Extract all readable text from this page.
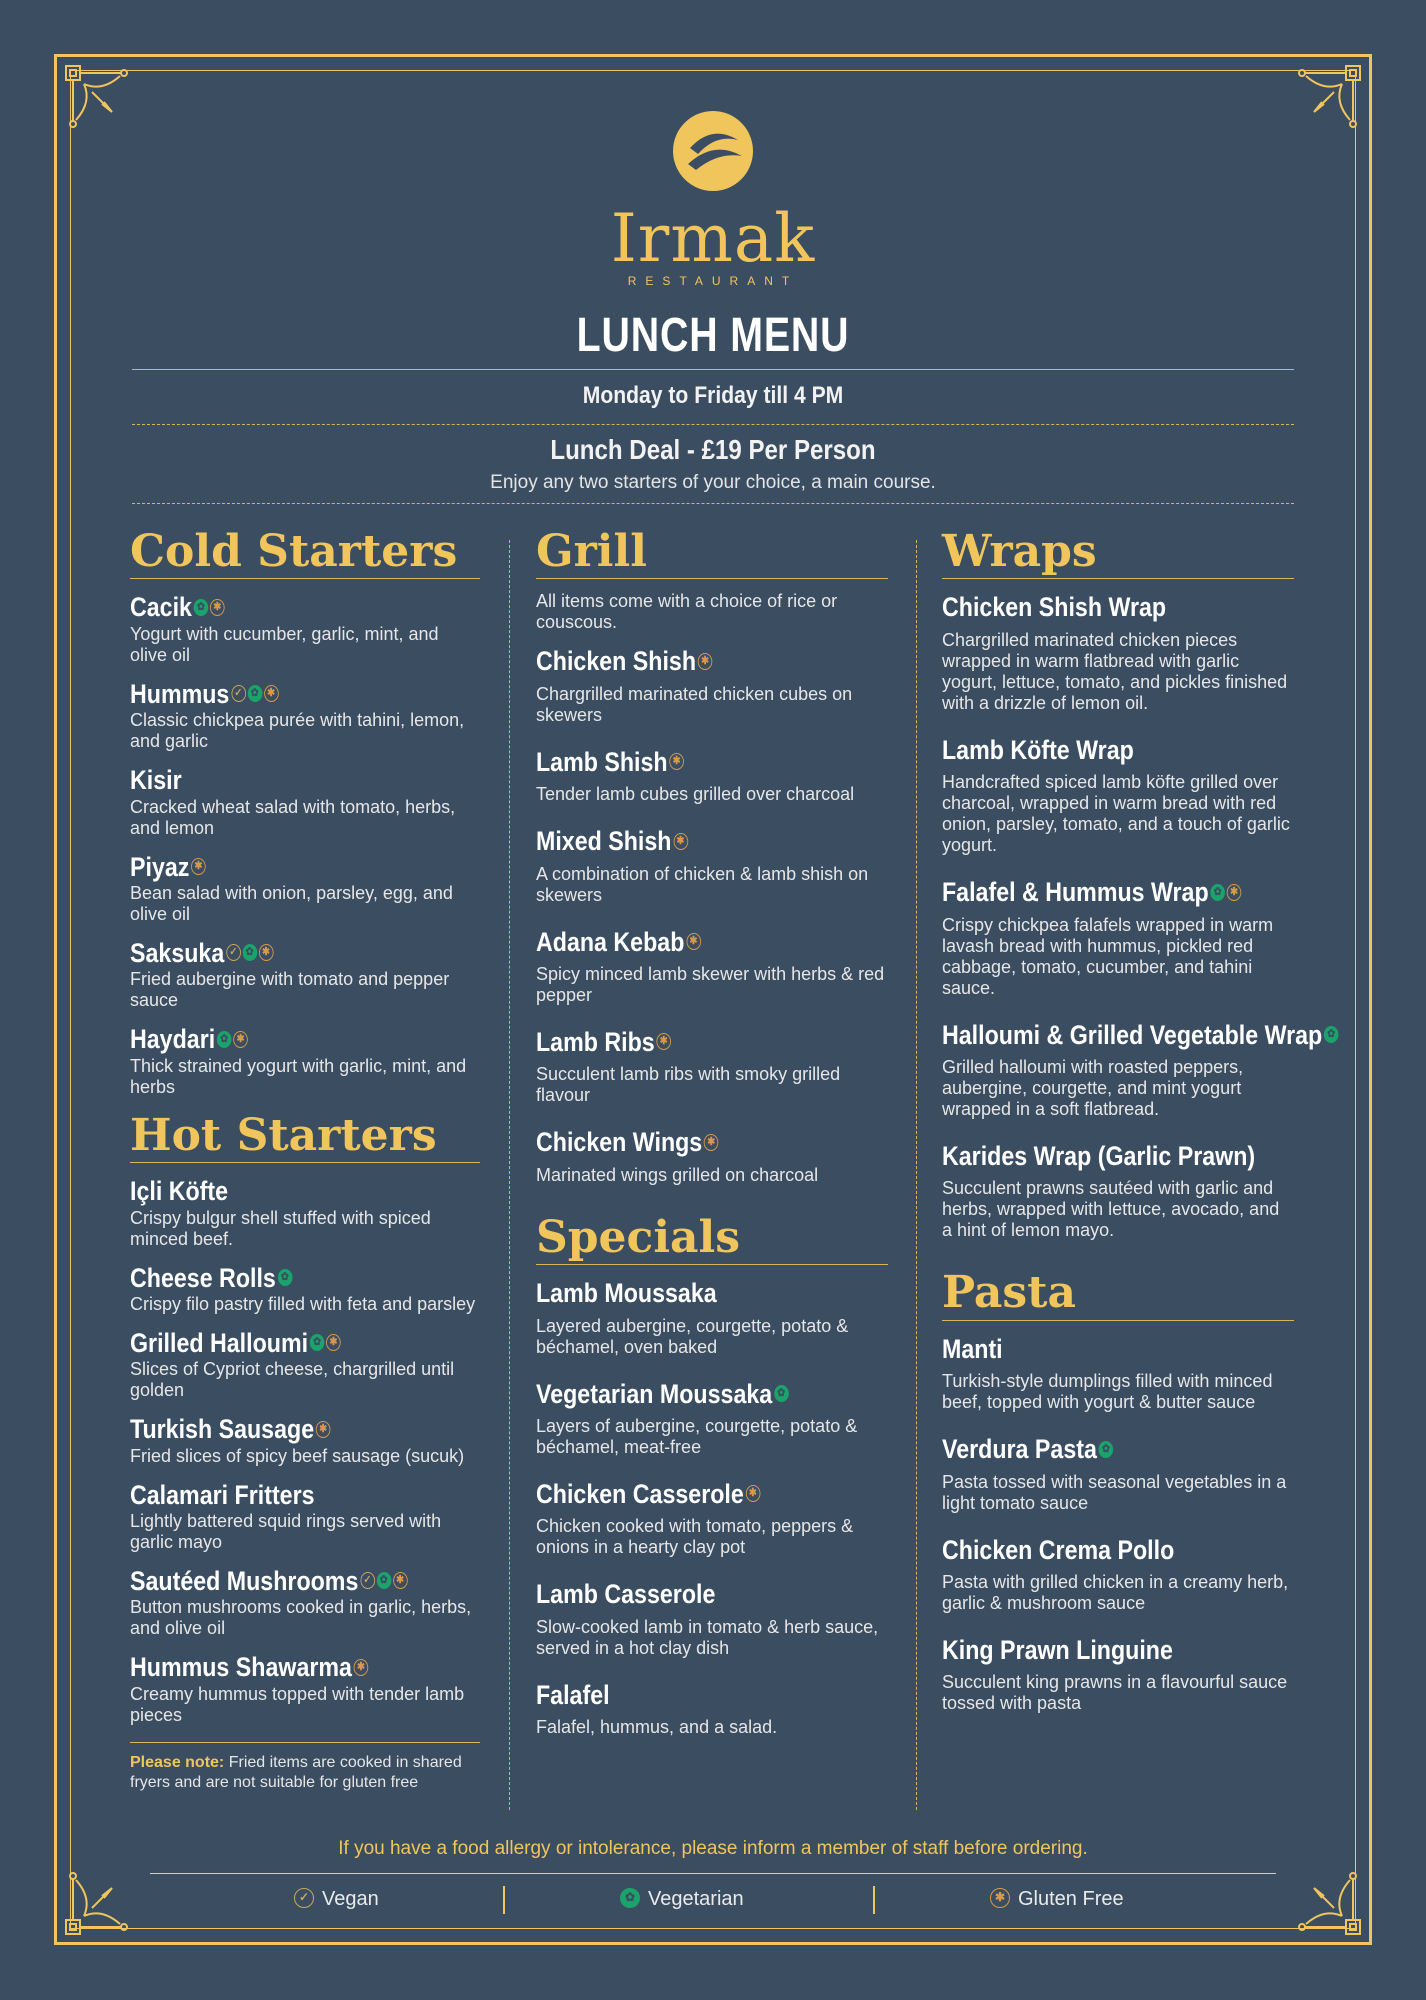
Irmak
RESTAURANT
LUNCH MENU
Monday to Friday till 4 PM
Lunch Deal - £19 Per Person
Enjoy any two starters of your choice, a main course.
Cold Starters
Cacik ✿ ✱
Yogurt with cucumber, garlic, mint, and olive oil
Hummus ✓ ✿ ✱
Classic chickpea purée with tahini, lemon, and garlic
Kisir
Cracked wheat salad with tomato, herbs, and lemon
Piyaz ✱
Bean salad with onion, parsley, egg, and olive oil
Saksuka ✓ ✿ ✱
Fried aubergine with tomato and pepper sauce
Haydari ✿ ✱
Thick strained yogurt with garlic, mint, and herbs
Hot Starters
Içli Köfte
Crispy bulgur shell stuffed with spiced minced beef.
Cheese Rolls ✿
Crispy filo pastry filled with feta and parsley
Grilled Halloumi ✿ ✱
Slices of Cypriot cheese, chargrilled until golden
Turkish Sausage ✱
Fried slices of spicy beef sausage (sucuk)
Calamari Fritters
Lightly battered squid rings served with garlic mayo
Sautéed Mushrooms ✓ ✿ ✱
Button mushrooms cooked in garlic, herbs, and olive oil
Hummus Shawarma ✱
Creamy hummus topped with tender lamb pieces
Please note: Fried items are cooked in shared fryers and are not suitable for gluten free
Grill
All items come with a choice of rice or couscous.
Chicken Shish ✱
Chargrilled marinated chicken cubes on skewers
Lamb Shish ✱
Tender lamb cubes grilled over charcoal
Mixed Shish ✱
A combination of chicken & lamb shish on skewers
Adana Kebab ✱
Spicy minced lamb skewer with herbs & red pepper
Lamb Ribs ✱
Succulent lamb ribs with smoky grilled flavour
Chicken Wings ✱
Marinated wings grilled on charcoal
Specials
Lamb Moussaka
Layered aubergine, courgette, potato & béchamel, oven baked
Vegetarian Moussaka ✿
Layers of aubergine, courgette, potato & béchamel, meat-free
Chicken Casserole ✱
Chicken cooked with tomato, peppers & onions in a hearty clay pot
Lamb Casserole
Slow-cooked lamb in tomato & herb sauce, served in a hot clay dish
Falafel
Falafel, hummus, and a salad.
Wraps
Chicken Shish Wrap
Chargrilled marinated chicken pieces wrapped in warm flatbread with garlic yogurt, lettuce, tomato, and pickles finished with a drizzle of lemon oil.
Lamb Köfte Wrap
Handcrafted spiced lamb köfte grilled over charcoal, wrapped in warm bread with red onion, parsley, tomato, and a touch of garlic yogurt.
Falafel & Hummus Wrap ✿ ✱
Crispy chickpea falafels wrapped in warm lavash bread with hummus, pickled red cabbage, tomato, cucumber, and tahini sauce.
Halloumi & Grilled Vegetable Wrap ✿
Grilled halloumi with roasted peppers, aubergine, courgette, and mint yogurt wrapped in a soft flatbread.
Karides Wrap (Garlic Prawn)
Succulent prawns sautéed with garlic and herbs, wrapped with lettuce, avocado, and a hint of lemon mayo.
Pasta
Manti
Turkish-style dumplings filled with minced beef, topped with yogurt & butter sauce
Verdura Pasta ✿
Pasta tossed with seasonal vegetables in a light tomato sauce
Chicken Crema Pollo
Pasta with grilled chicken in a creamy herb, garlic & mushroom sauce
King Prawn Linguine
Succulent king prawns in a flavourful sauce tossed with pasta
If you have a food allergy or intolerance, please inform a member of staff before ordering.
✓ Vegan	✿ Vegetarian	✱ Gluten Free
